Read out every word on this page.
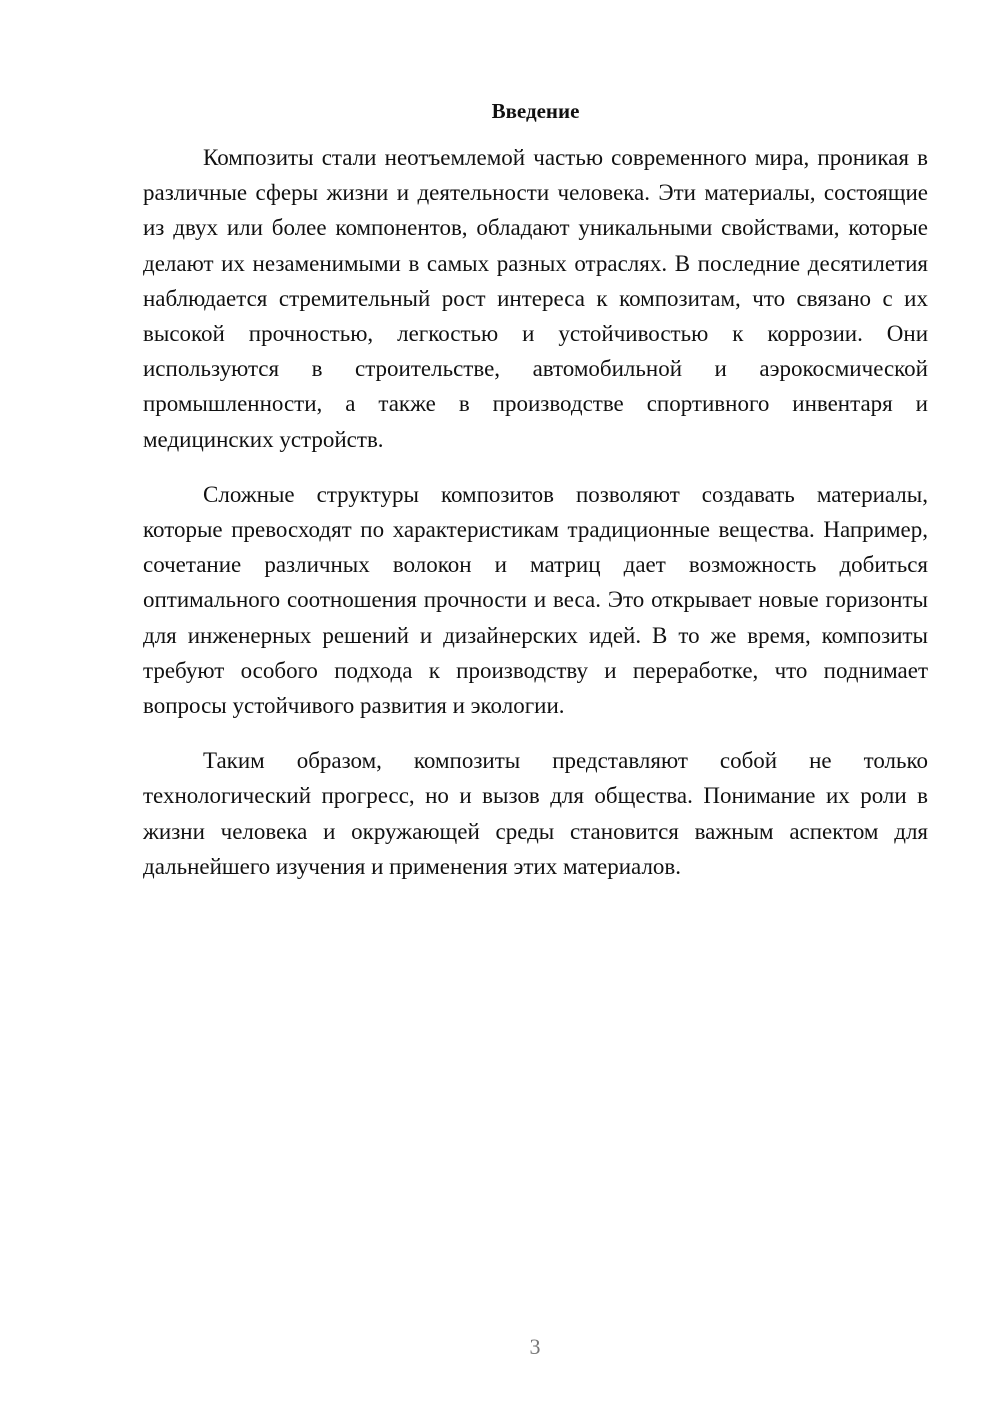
Введение

Композиты стали неотъемлемой частью современного мира, проникая в различные сферы жизни и деятельности человека. Эти материалы, состоящие из двух или более компонентов, обладают уникальными свойствами, которые делают их незаменимыми в самых разных отраслях. В последние десятилетия наблюдается стремительный рост интереса к композитам, что связано с их высокой прочностью, легкостью и устойчивостью к коррозии. Они используются в строительстве, автомобильной и аэрокосмической промышленности, а также в производстве спортивного инвентаря и медицинских устройств.

Сложные структуры композитов позволяют создавать материалы, которые превосходят по характеристикам традиционные вещества. Например, сочетание различных волокон и матриц дает возможность добиться оптимального соотношения прочности и веса. Это открывает новые горизонты для инженерных решений и дизайнерских идей. В то же время, композиты требуют особого подхода к производству и переработке, что поднимает вопросы устойчивого развития и экологии.

Таким образом, композиты представляют собой не только технологический прогресс, но и вызов для общества. Понимание их роли в жизни человека и окружающей среды становится важным аспектом для дальнейшего изучения и применения этих материалов.

3
